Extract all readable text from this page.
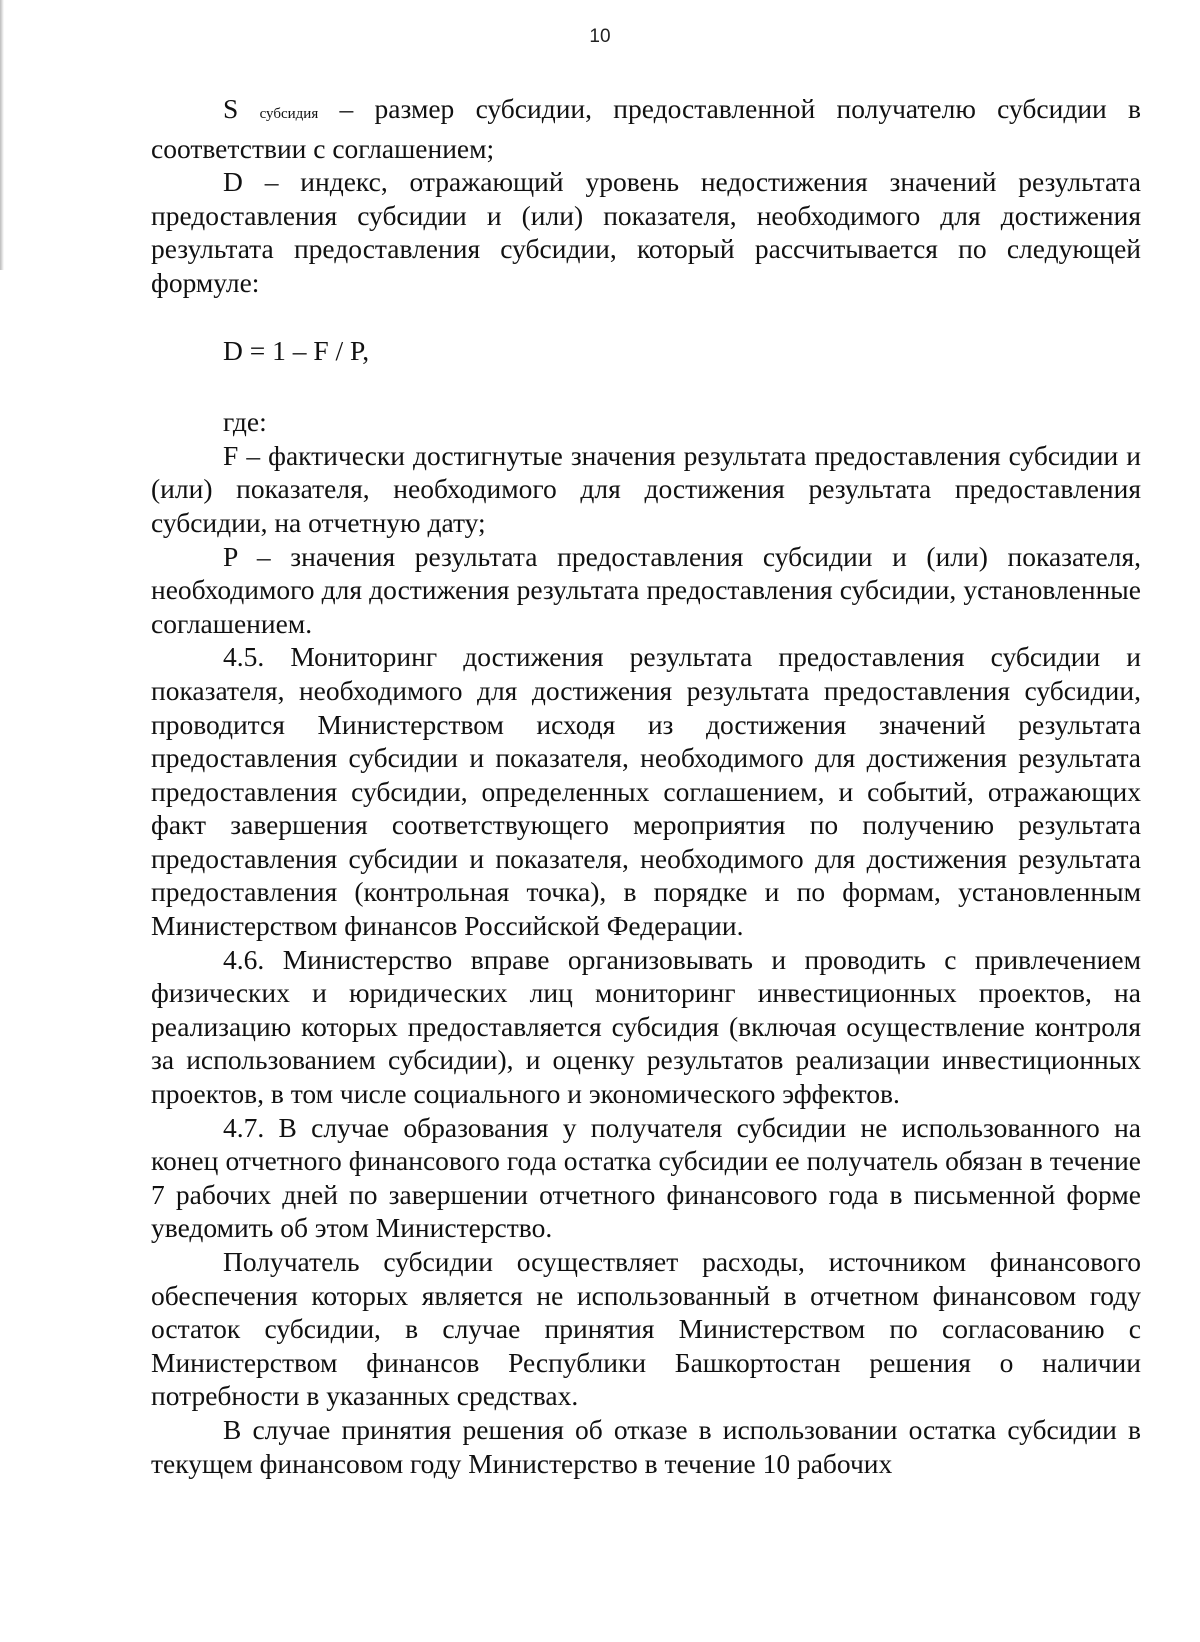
10

S субсидия – размер субсидии, предоставленной получателю субсидии в соответствии с соглашением;

D – индекс, отражающий уровень недостижения значений результата предоставления субсидии и (или) показателя, необходимого для достижения результата предоставления субсидии, который рассчитывается по следующей формуле:

D = 1 – F / P,

где:

F – фактически достигнутые значения результата предоставления субсидии и (или) показателя, необходимого для достижения результата предоставления субсидии, на отчетную дату;

P – значения результата предоставления субсидии и (или) показателя, необходимого для достижения результата предоставления субсидии, установленные соглашением.

4.5. Мониторинг достижения результата предоставления субсидии и показателя, необходимого для достижения результата предоставления субсидии, проводится Министерством исходя из достижения значений результата предоставления субсидии и показателя, необходимого для достижения результата предоставления субсидии, определенных соглашением, и событий, отражающих факт завершения соответствующего мероприятия по получению результата предоставления субсидии и показателя, необходимого для достижения результата предоставления (контрольная точка), в порядке и по формам, установленным Министерством финансов Российской Федерации.

4.6. Министерство вправе организовывать и проводить с привлечением физических и юридических лиц мониторинг инвестиционных проектов, на реализацию которых предоставляется субсидия (включая осуществление контроля за использованием субсидии), и оценку результатов реализации инвестиционных проектов, в том числе социального и экономического эффектов.

4.7. В случае образования у получателя субсидии не использованного на конец отчетного финансового года остатка субсидии ее получатель обязан в течение 7 рабочих дней по завершении отчетного финансового года в письменной форме уведомить об этом Министерство.

Получатель субсидии осуществляет расходы, источником финансового обеспечения которых является не использованный в отчетном финансовом году остаток субсидии, в случае принятия Министерством по согласованию с Министерством финансов Республики Башкортостан решения о наличии потребности в указанных средствах.

В случае принятия решения об отказе в использовании остатка субсидии в текущем финансовом году Министерство в течение 10 рабочих
